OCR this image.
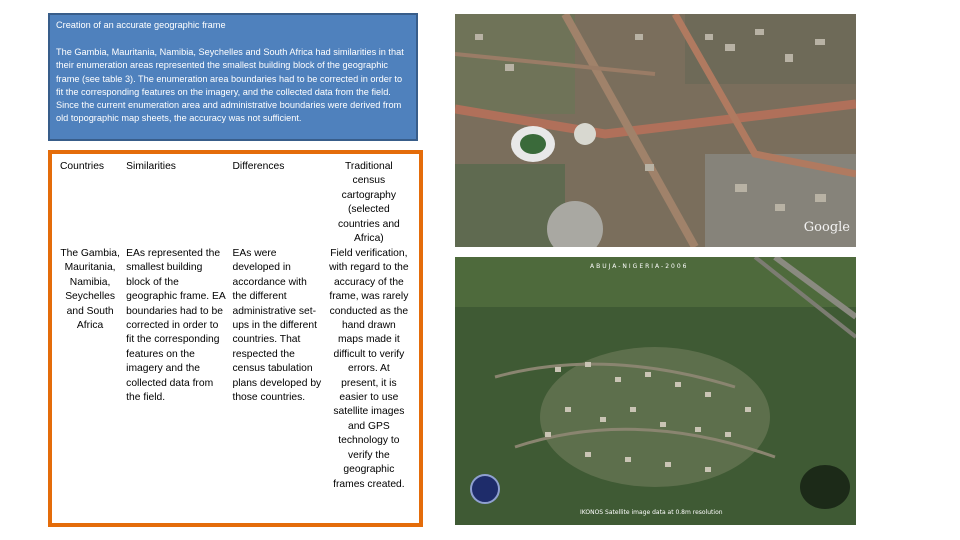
Creation of an accurate geographic frame

The Gambia, Mauritania, Namibia, Seychelles and South Africa had similarities in that their enumeration areas represented the smallest building block of the geographic frame (see table 3). The enumeration area boundaries had to be corrected in order to fit the corresponding features on the imagery, and the collected data from the field. Since the current enumeration area and administrative boundaries were derived from old topographic map sheets, the accuracy was not sufficient.

Countries	Similarities	Differences	Traditional census cartography (selected countries and Africa)
The Gambia, Mauritania, Namibia, Seychelles and South Africa	EAs represented the smallest building block of the geographic frame. EA boundaries had to be corrected in order to fit the corresponding features on the imagery and the collected data from the field.	EAs were developed in accordance with the different administrative set-ups in the different countries. That respected the census tabulation plans developed by those countries.	Field verification, with regard to the accuracy of the frame, was rarely conducted as the hand drawn maps made it difficult to verify errors. At present, it is easier to use satellite images and GPS technology to verify the geographic frames created.
Google
ABUJA-NIGERIA-2006
IKONOS Satellite image data at 0.8m resolution
